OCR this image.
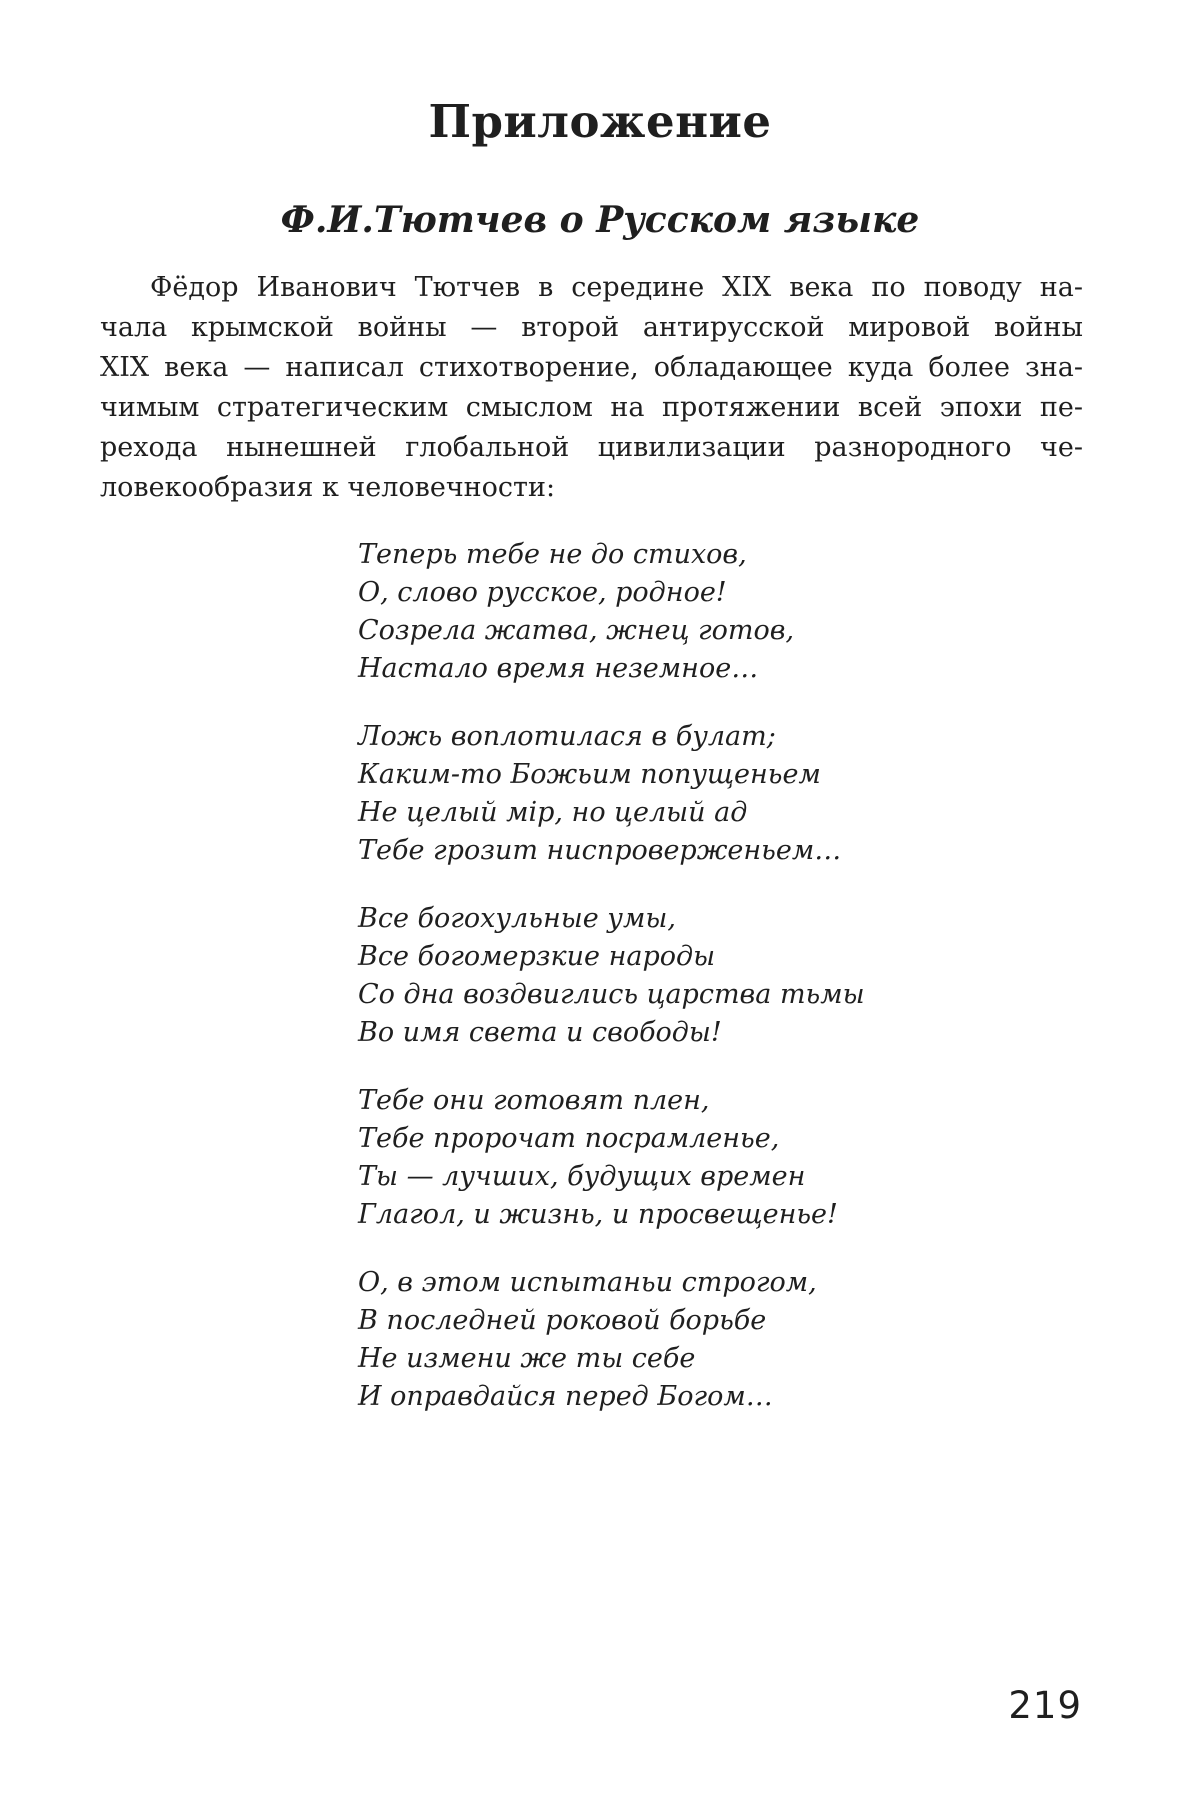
Приложение
Ф.И.Тютчев о Русском языке

Фёдор Иванович Тютчев в середине XIX века по поводу на-
чала крымской войны — второй антирусской мировой войны
XIX века — написал стихотворение, обладающее куда более зна-
чимым стратегическим смыслом на протяжении всей эпохи пе-
рехода нынешней глобальной цивилизации разнородного че-
ловекообразия к человечности:

Теперь тебе не до стихов,
О, слово русское, родное!
Созрела жатва, жнец готов,
Настало время неземное…
Ложь воплотилася в булат;
Каким-то Божьим попущеньем
Не целый мір, но целый ад
Тебе грозит ниспроверженьем…
Все богохульные умы,
Все богомерзкие народы
Со дна воздвиглись царства тьмы
Во имя света и свободы!
Тебе они готовят плен,
Тебе пророчат посрамленье,
Ты — лучших, будущих времен
Глагол, и жизнь, и просвещенье!
О, в этом испытаньи строгом,
В последней роковой борьбе
Не измени же ты себе
И оправдайся перед Богом…
219
